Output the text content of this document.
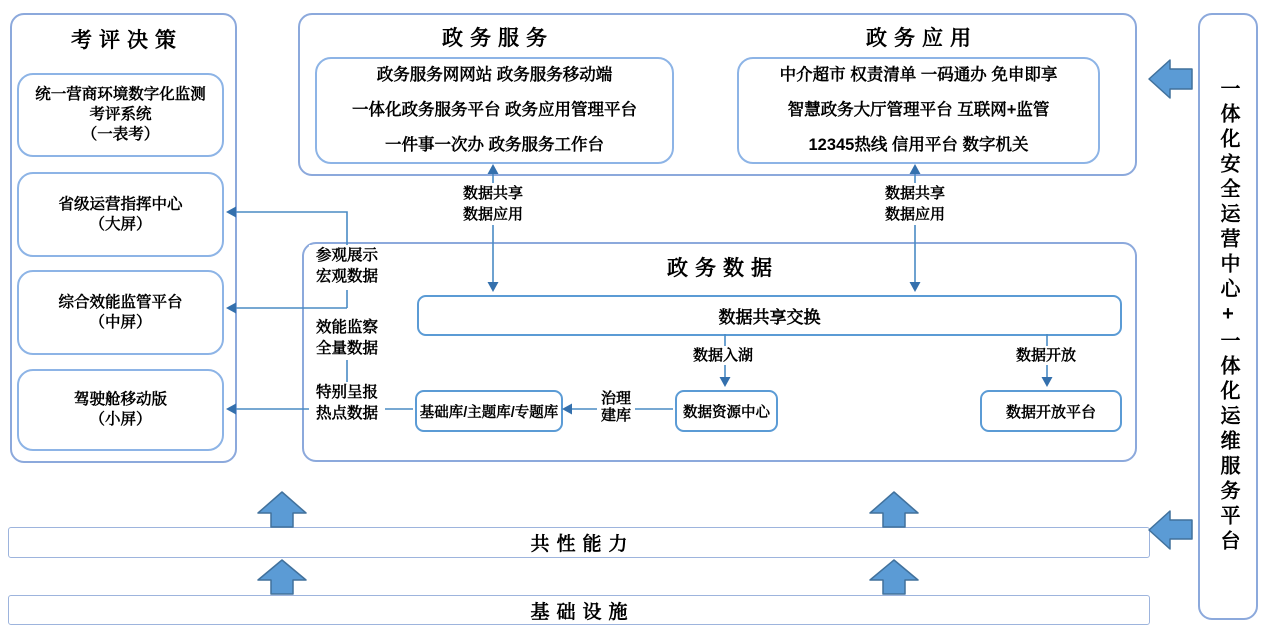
考评决策
统一营商环境数字化监测
考评系统
（一表考）
省级运营指挥中心
（大屏）
综合效能监管平台
（中屏）
驾驶舱移动版
（小屏）
政务服务	政务应用
政务服务网网站 政务服务移动端
一体化政务服务平台 政务应用管理平台
一件事一次办 政务服务工作台
中介超市 权责清单 一码通办 免申即享
智慧政务大厅管理平台 互联网+监管
12345热线 信用平台 数字机关
政务数据
数据共享交换
基础库/主题库/专题库	数据资源中心	数据开放平台
共性能力
基础设施
一体化安全运营中心+一体化运维服务平台
数据共享
数据应用
数据共享
数据应用
参观展示
宏观数据
效能监察
全量数据
特别呈报
热点数据
数据入湖	数据开放
治理
建库
